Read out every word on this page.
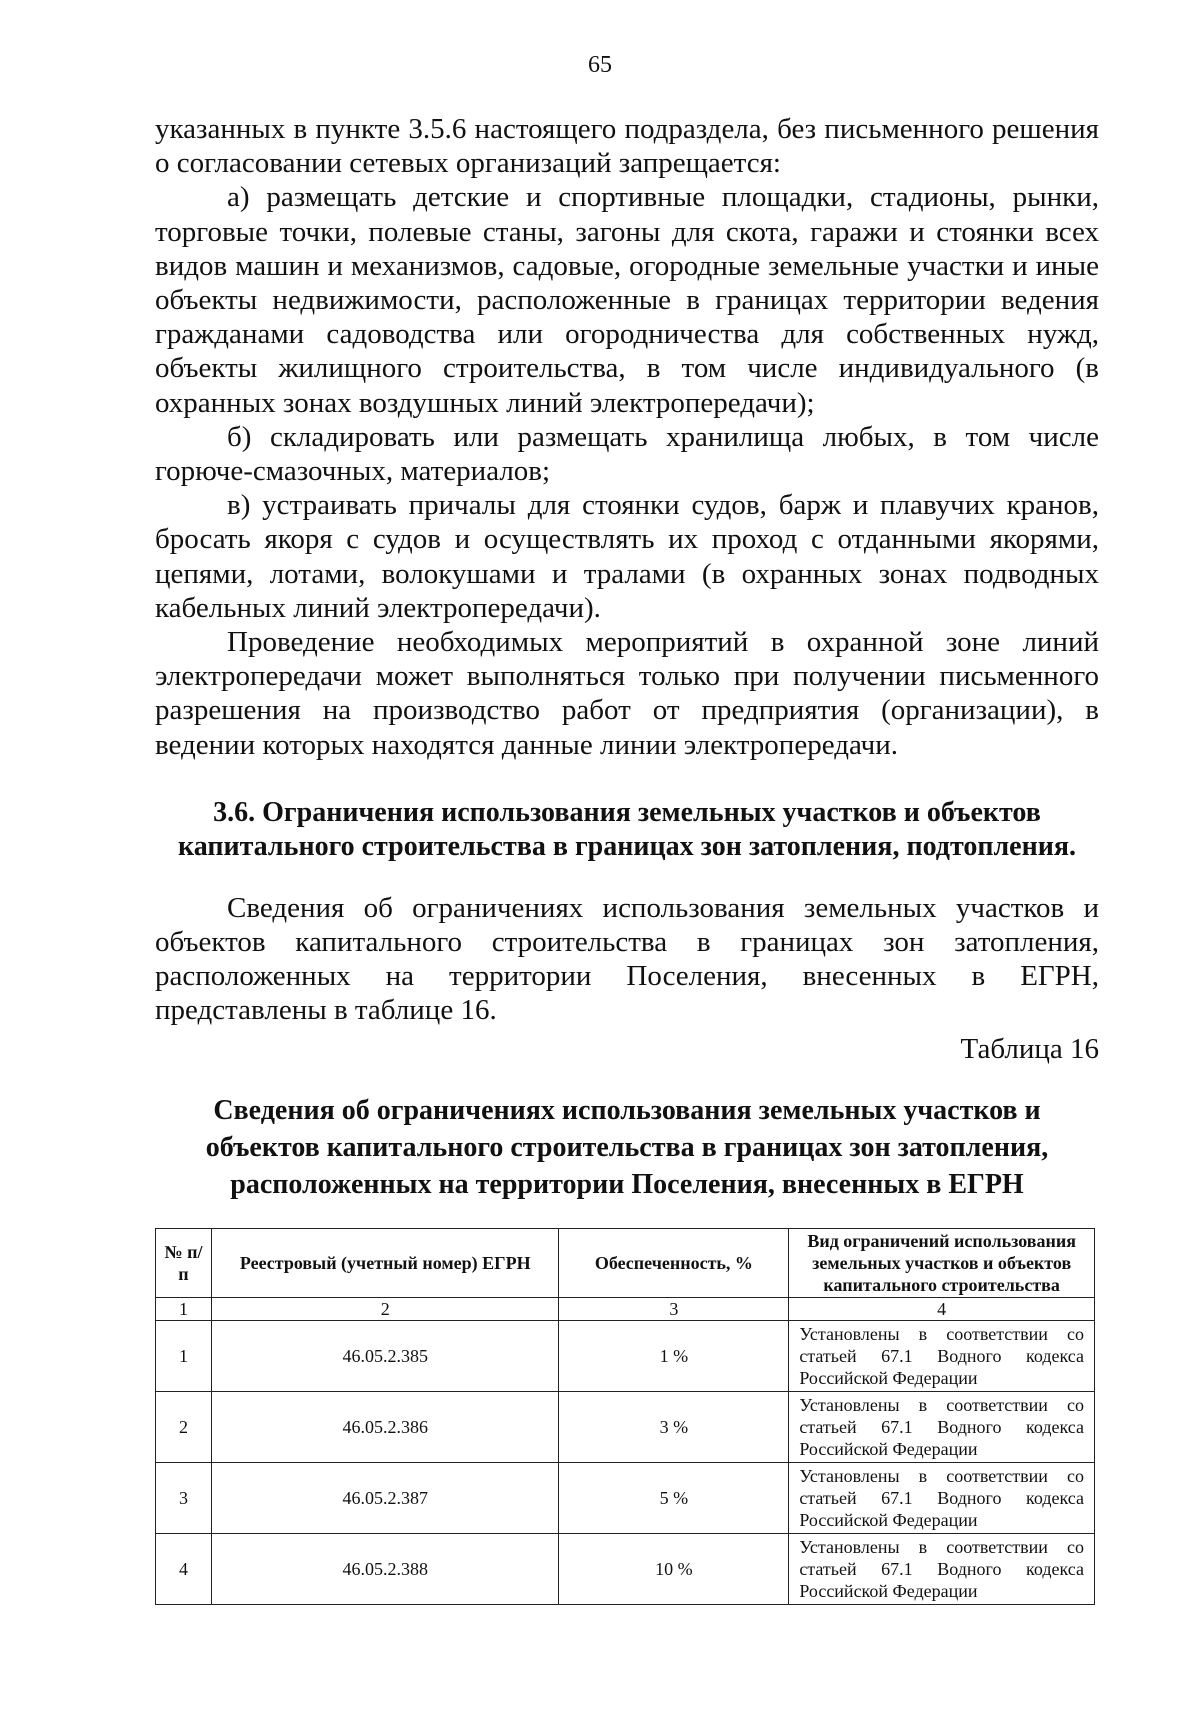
65

указанных в пункте 3.5.6 настоящего подраздела, без письменного решения о согласовании сетевых организаций запрещается:

а) размещать детские и спортивные площадки, стадионы, рынки, торговые точки, полевые станы, загоны для скота, гаражи и стоянки всех видов машин и механизмов, садовые, огородные земельные участки и иные объекты недвижимости, расположенные в границах территории ведения гражданами садоводства или огородничества для собственных нужд, объекты жилищного строительства, в том числе индивидуального (в охранных зонах воздушных линий электропередачи);

б) складировать или размещать хранилища любых, в том числе горюче-смазочных, материалов;

в) устраивать причалы для стоянки судов, барж и плавучих кранов, бросать якоря с судов и осуществлять их проход с отданными якорями, цепями, лотами, волокушами и тралами (в охранных зонах подводных кабельных линий электропередачи).

Проведение необходимых мероприятий в охранной зоне линий электропередачи может выполняться только при получении письменного разрешения на производство работ от предприятия (организации), в ведении которых находятся данные линии электропередачи.

3.6. Ограничения использования земельных участков и объектов капитального строительства в границах зон затопления, подтопления.

Сведения об ограничениях использования земельных участков и объектов капитального строительства в границах зон затопления, расположенных на территории Поселения, внесенных в ЕГРН, представлены в таблице 16.

Таблица 16
Сведения об ограничениях использования земельных участков и объектов капитального строительства в границах зон затопления, расположенных на территории Поселения, внесенных в ЕГРН
№ п/п	Реестровый (учетный номер) ЕГРН	Обеспеченность, %	Вид ограничений использования земельных участков и объектов капитального строительства
1	2	3	4
1	46.05.2.385	1 %	Установлены в соответствии со статьей 67.1 Водного кодекса Российской Федерации
2	46.05.2.386	3 %	Установлены в соответствии со статьей 67.1 Водного кодекса Российской Федерации
3	46.05.2.387	5 %	Установлены в соответствии со статьей 67.1 Водного кодекса Российской Федерации
4	46.05.2.388	10 %	Установлены в соответствии со статьей 67.1 Водного кодекса Российской Федерации
